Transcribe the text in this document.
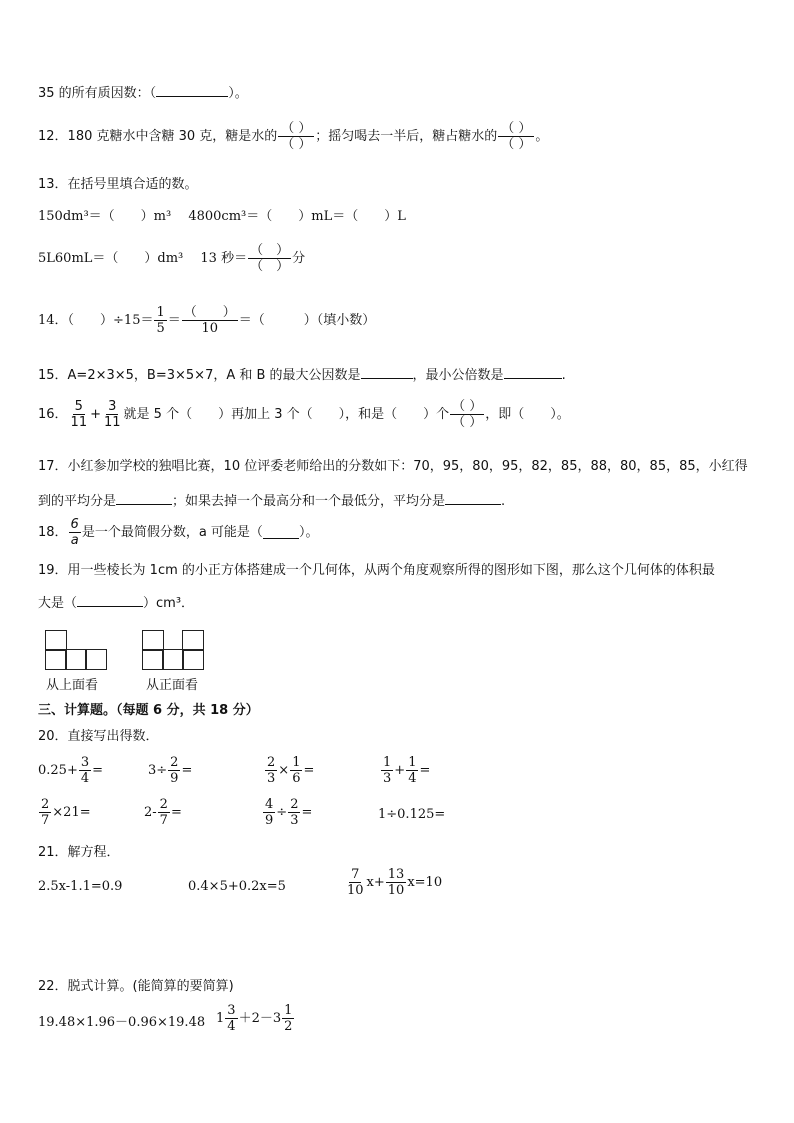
35 的所有质因数：（	）。
12．180 克糖水中含糖 30 克，糖是水的 $\frac{( )}{( )}$ ；摇匀喝去一半后，糖占糖水的 $\frac{( )}{( )}$ 。
13．在括号里填合适的数。
150dm³＝（　　）m³　 4800cm³＝（　　）mL＝（　　）L
5L60mL＝（　　）dm³　 13 秒＝ $\frac{( )}{( )}$ 分
14．（　　）$\div 15= \frac{1}{5} = \frac{( )}{10}$ ＝（　　　）（填小数）
15．A=2×3×5，B=3×5×7，A 和 B 的最大公因数是	，最小公倍数是	.
16． $\frac{5}{11} + \frac{3}{11}$ 就是 5 个（　　）再加上 3 个（　　），和是（　　）个 $\frac{( )}{( )}$ ，即（　　）。
17．小红参加学校的独唱比赛，10 位评委老师给出的分数如下：70，95，80，95，82，85，88，80，85，85，小红得
到的平均分是	；如果去掉一个最高分和一个最低分，平均分是	.
18． $\frac{6}{a}$ 是一个最简假分数，a 可能是（	）。
19．用一些棱长为 1cm 的小正方体搭建成一个几何体，从两个角度观察所得的图形如下图，那么这个几何体的体积最
大是（	）cm³．
从上面看	从正面看
三、计算题。（每题 6 分，共 18 分）
20．直接写出得数．
$0.25+ \frac{3}{4}$ =	$3\div \frac{2}{9}$ =	$\frac{2}{3} \times \frac{1}{6}$ =	$\frac{1}{3} + \frac{1}{4}$ =
$\frac{2}{7} \times 21=$	$2- \frac{2}{7}$ =	$\frac{4}{9} \div \frac{2}{3}$ =	1÷0.125=
21．解方程．
2.5x-1.1=0.9	0.4×5+0.2x=5	$\frac{7}{10} x+ \frac{13}{10} x=10$
22．脱式计算。(能简算的要简算)
19.48×1.96－0.96×19.48 $1 \frac{3}{4} +2-3 \frac{1}{2}$
